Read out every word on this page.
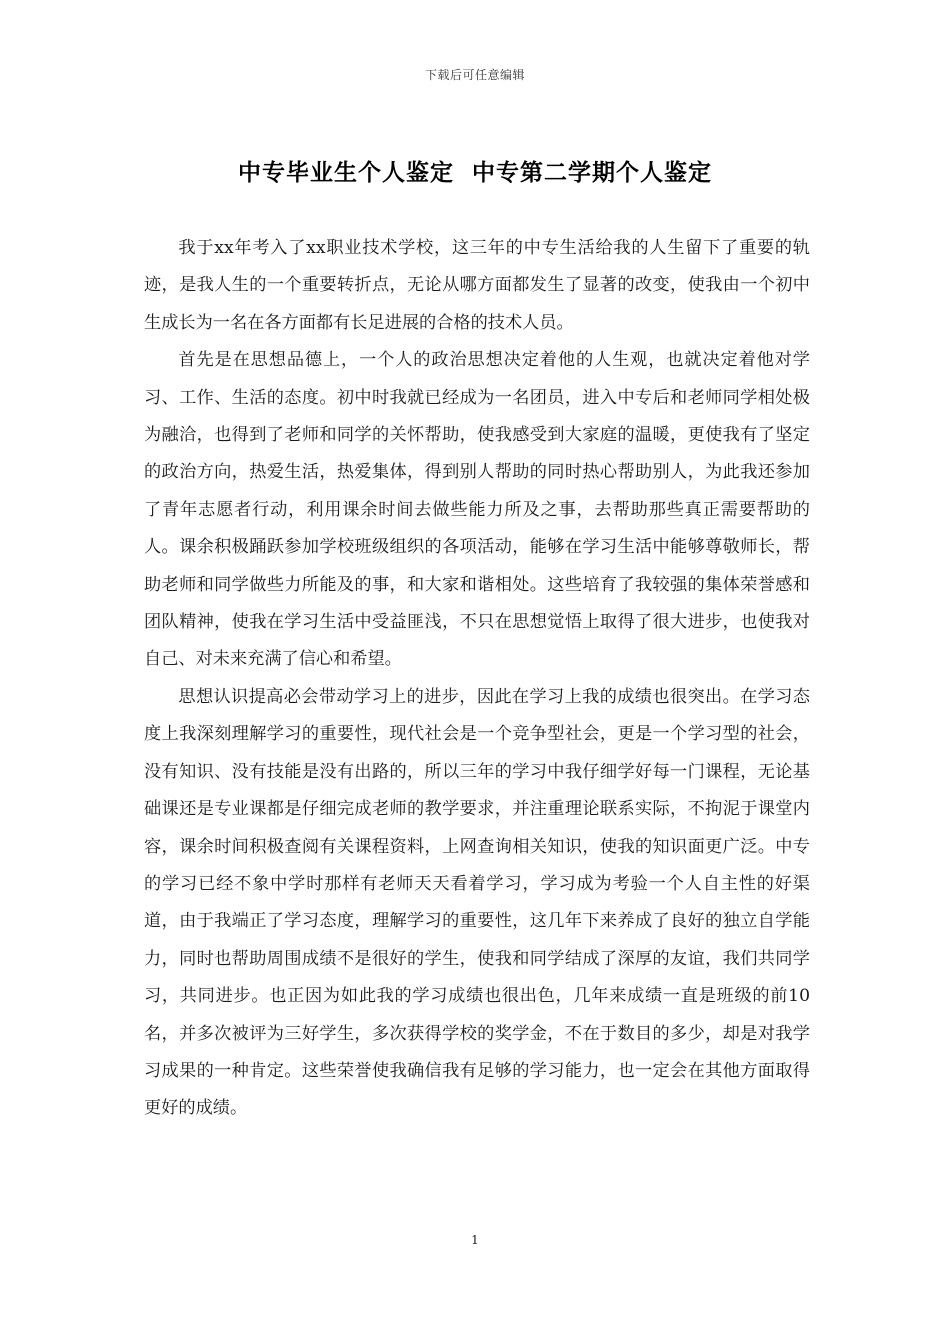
下载后可任意编辑
中专毕业生个人鉴定  中专第二学期个人鉴定

我于xx年考入了xx职业技术学校，这三年的中专生活给我的人生留下了重要的轨迹，是我人生的一个重要转折点，无论从哪方面都发生了显著的改变，使我由一个初中生成长为一名在各方面都有长足进展的合格的技术人员。

首先是在思想品德上，一个人的政治思想决定着他的人生观，也就决定着他对学习、工作、生活的态度。初中时我就已经成为一名团员，进入中专后和老师同学相处极为融洽，也得到了老师和同学的关怀帮助，使我感受到大家庭的温暖，更使我有了坚定的政治方向，热爱生活，热爱集体，得到别人帮助的同时热心帮助别人，为此我还参加了青年志愿者行动，利用课余时间去做些能力所及之事，去帮助那些真正需要帮助的人。课余积极踊跃参加学校班级组织的各项活动，能够在学习生活中能够尊敬师长，帮助老师和同学做些力所能及的事，和大家和谐相处。这些培育了我较强的集体荣誉感和团队精神，使我在学习生活中受益匪浅，不只在思想觉悟上取得了很大进步，也使我对自己、对未来充满了信心和希望。

思想认识提高必会带动学习上的进步，因此在学习上我的成绩也很突出。在学习态度上我深刻理解学习的重要性，现代社会是一个竞争型社会，更是一个学习型的社会，没有知识、没有技能是没有出路的，所以三年的学习中我仔细学好每一门课程，无论基础课还是专业课都是仔细完成老师的教学要求，并注重理论联系实际，不拘泥于课堂内容，课余时间积极查阅有关课程资料，上网查询相关知识，使我的知识面更广泛。中专的学习已经不象中学时那样有老师天天看着学习，学习成为考验一个人自主性的好渠道，由于我端正了学习态度，理解学习的重要性，这几年下来养成了良好的独立自学能力，同时也帮助周围成绩不是很好的学生，使我和同学结成了深厚的友谊，我们共同学习，共同进步。也正因为如此我的学习成绩也很出色，几年来成绩一直是班级的前10名，并多次被评为三好学生，多次获得学校的奖学金，不在于数目的多少，却是对我学习成果的一种肯定。这些荣誉使我确信我有足够的学习能力，也一定会在其他方面取得更好的成绩。

1
